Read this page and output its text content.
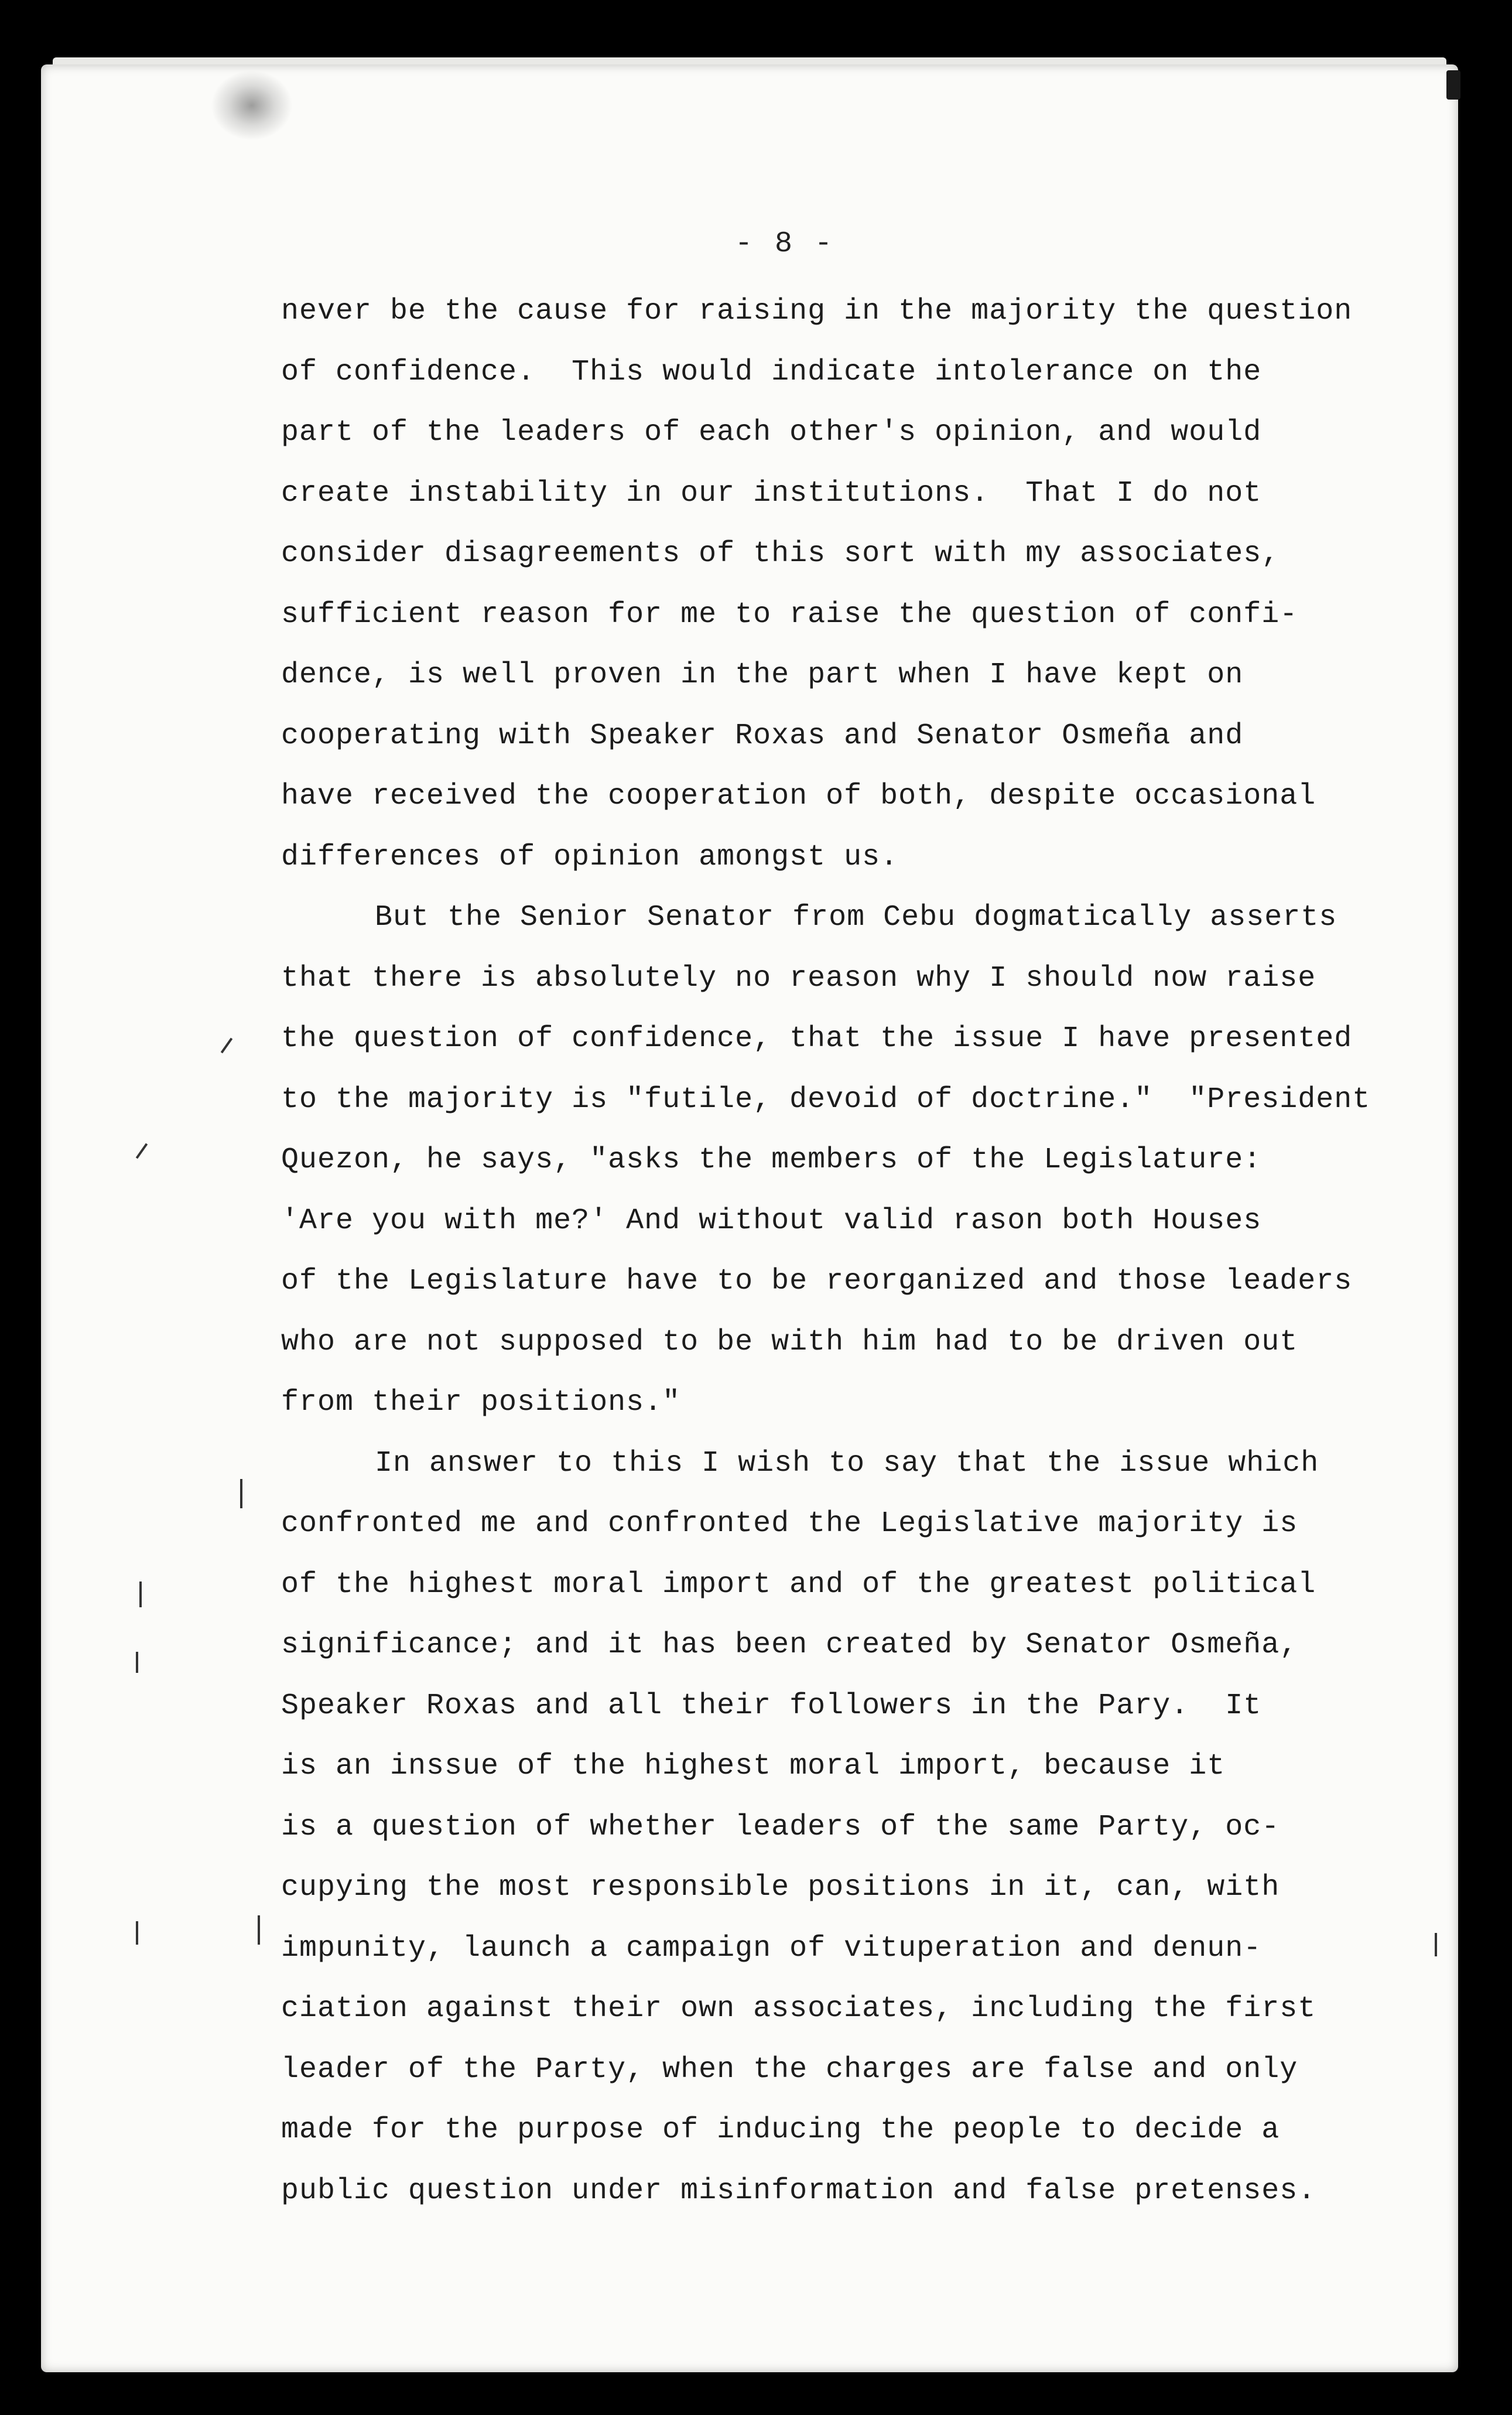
- 8 -
never be the cause for raising in the majority the question
of confidence.  This would indicate intolerance on the
part of the leaders of each other's opinion, and would
create instability in our institutions.  That I do not
consider disagreements of this sort with my associates,
sufficient reason for me to raise the question of confi-
dence, is well proven in the part when I have kept on
cooperating with Speaker Roxas and Senator Osmeña and
have received the cooperation of both, despite occasional
differences of opinion amongst us.
But the Senior Senator from Cebu dogmatically asserts
that there is absolutely no reason why I should now raise
the question of confidence, that the issue I have presented
to the majority is "futile, devoid of doctrine."  "President
Quezon, he says, "asks the members of the Legislature:
'Are you with me?' And without valid rason both Houses
of the Legislature have to be reorganized and those leaders
who are not supposed to be with him had to be driven out
from their positions."
In answer to this I wish to say that the issue which
confronted me and confronted the Legislative majority is
of the highest moral import and of the greatest political
significance; and it has been created by Senator Osmeña,
Speaker Roxas and all their followers in the Pary.  It
is an inssue of the highest moral import, because it
is a question of whether leaders of the same Party, oc-
cupying the most responsible positions in it, can, with
impunity, launch a campaign of vituperation and denun-
ciation against their own associates, including the first
leader of the Party, when the charges are false and only
made for the purpose of inducing the people to decide a
public question under misinformation and false pretenses.
